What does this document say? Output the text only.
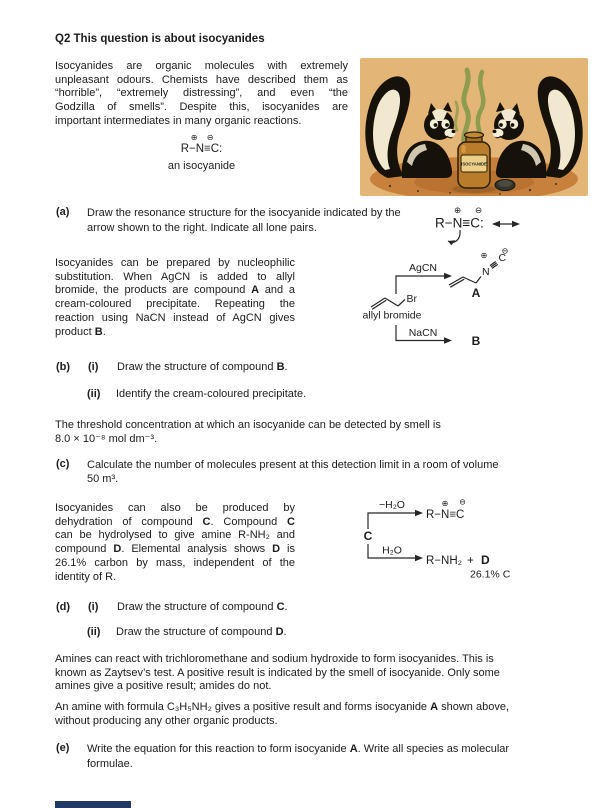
Q2 This question is about isocyanides
Isocyanides are organic molecules with extremely
unpleasant odours. Chemists have described them as
“horrible”, “extremely distressing”, and even “the
Godzilla of smells”. Despite this, isocyanides are
important intermediates in many organic reactions.
⊕ ⊖
R−N≡C:
an isocyanide	ISOCYANIDE
(a) Draw the resonance structure for the isocyanide indicated by the
arrow shown to the right. Indicate all lone pairs.
⊕ ⊖
R−N≡C:
Isocyanides can be prepared by nucleophilic
substitution. When AgCN is added to allyl
bromide, the products are compound A and a
cream-coloured precipitate. Repeating the
reaction using NaCN instead of AgCN gives
product B.
Br
allyl bromide
AgCN	N
C
⊕ ⊖
A
NaCN
B
(b) (i) Draw the structure of compound B.
(ii) Identify the cream-coloured precipitate.
The threshold concentration at which an isocyanide can be detected by smell is
8.0 × 10⁻⁸ mol dm⁻³.
(c) Calculate the number of molecules present at this detection limit in a room of volume
50 m³.
Isocyanides can also be produced by
dehydration of compound C. Compound C
can be hydrolysed to give amine R-NH₂ and
compound D. Elemental analysis shows D is
26.1% carbon by mass, independent of the
identity of R.
C
−H₂O	⊕ ⊖
R−N≡C
H₂O
R−NH₂ + D
26.1% C
(d) (i) Draw the structure of compound C.
(ii) Draw the structure of compound D.
Amines can react with trichloromethane and sodium hydroxide to form isocyanides. This is
known as Zaytsev’s test. A positive result is indicated by the smell of isocyanide. Only some
amines give a positive result; amides do not.
An amine with formula C₃H₅NH₂ gives a positive result and forms isocyanide A shown above,
without producing any other organic products.
(e) Write the equation for this reaction to form isocyanide A. Write all species as molecular
formulae.
